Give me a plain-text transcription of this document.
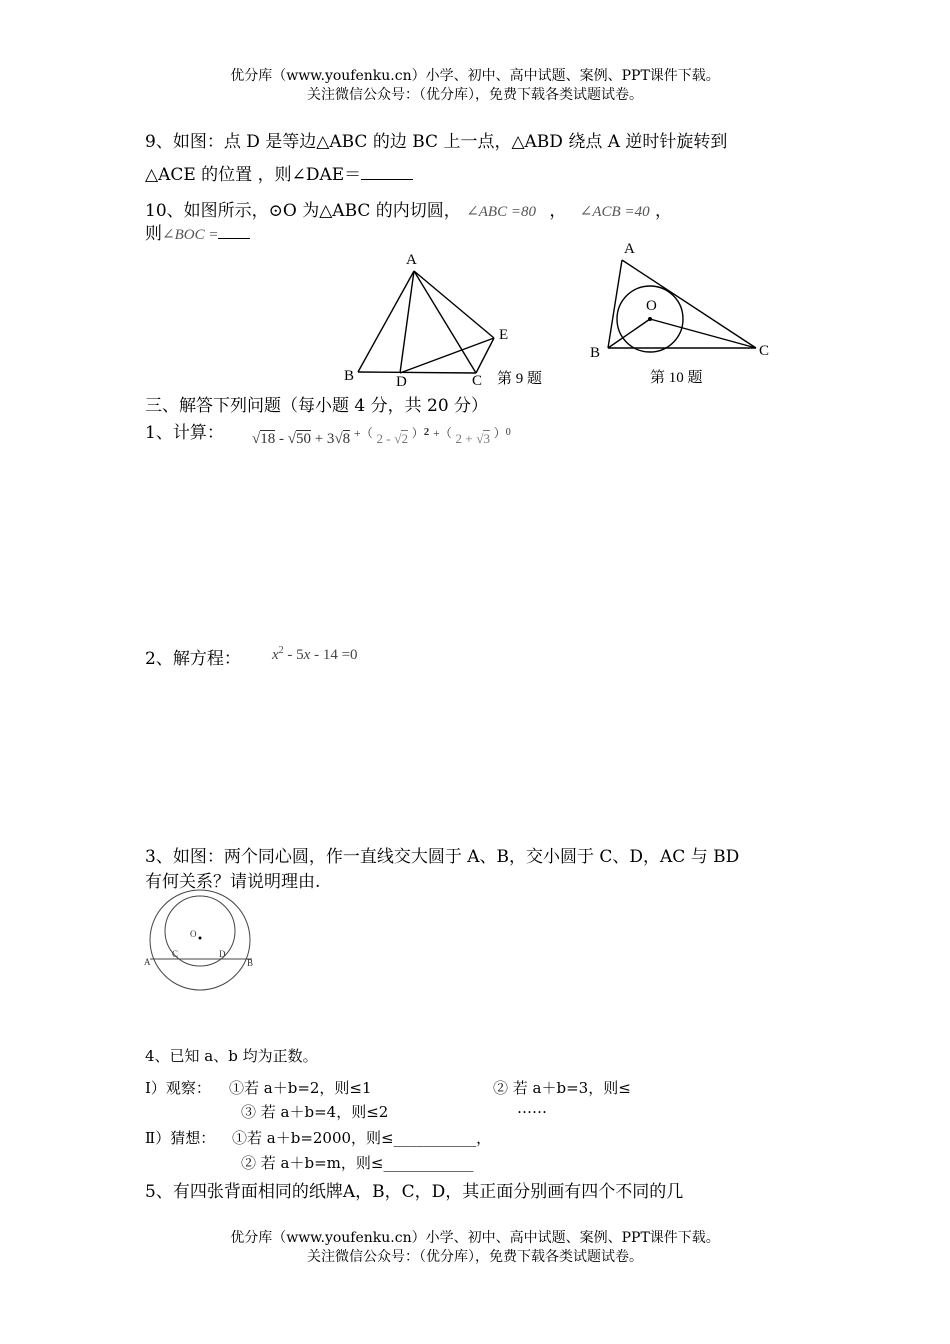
优分库（www.youfenku.cn）小学、初中、高中试题、案例、PPT课件下载。
关注微信公众号：（优分库），免费下载各类试题试卷。
9、如图：点 D 是等边△ABC 的边 BC 上一点，△ABD 绕点 A 逆时针旋转到
△ACE 的位置 ，则∠DAE＝
10、如图所示，⊙O 为△ABC 的内切圆， ∠ABC =80 ， ∠ACB =40 ，
则∠BOC =
A
B	C
D
E
第 9 题
A
B	C
O
第 10 题
三、解答下列问题（每小题 4 分，共 20 分）
1、计算： √18 - √50 + 3√8 +（ 2 - √2 $^{)2}$ +（ 2 + √3 $^{)0}$
2、解方程： $x^2 - 5x - 14 =0$
3、如图：两个同心圆，作一直线交大圆于 A、B，交小圆于 C、D，AC 与 BD
有何关系？请说明理由.
O
A
C	D
B
4、已知 a、b 均为正数。
Ⅰ）观察： ①若 a＋b=2，则≤1	② 若 a＋b=3，则≤
③ 若 a＋b=4，则≤2	……
Ⅱ）猜想： ①若 a＋b=2000，则≤___________，
② 若 a＋b=m，则≤____________
5、有四张背面相同的纸牌A，B，C，D，其正面分别画有四个不同的几
优分库（www.youfenku.cn）小学、初中、高中试题、案例、PPT课件下载。
关注微信公众号：（优分库），免费下载各类试题试卷。
